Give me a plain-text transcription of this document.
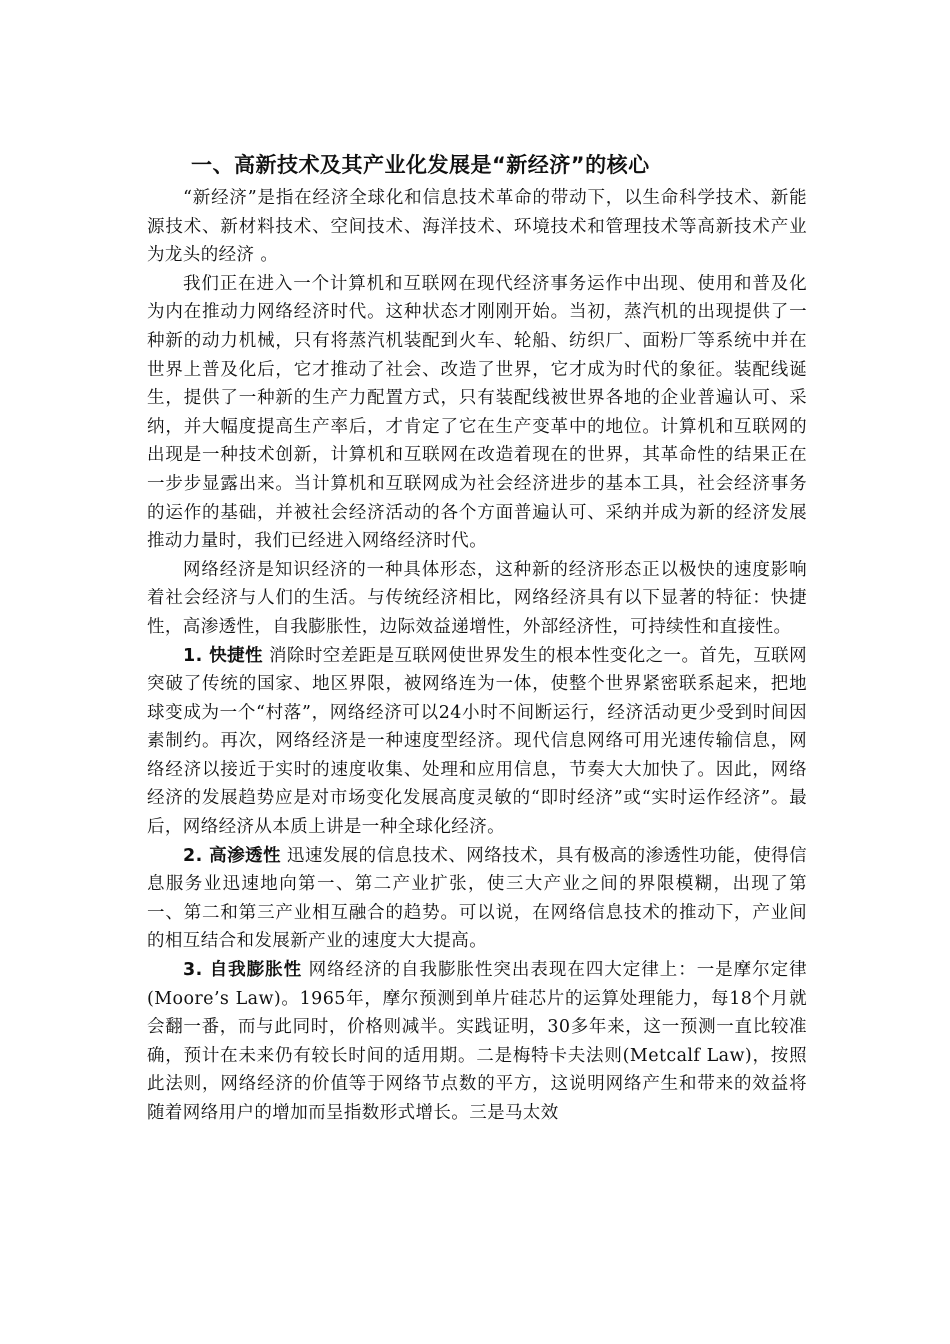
一、高新技术及其产业化发展是“新经济”的核心

“新经济”是指在经济全球化和信息技术革命的带动下，以生命科学技术、新能源技术、新材料技术、空间技术、海洋技术、环境技术和管理技术等高新技术产业为龙头的经济 。

我们正在进入一个计算机和互联网在现代经济事务运作中出现、使用和普及化为内在推动力网络经济时代。这种状态才刚刚开始。当初，蒸汽机的出现提供了一种新的动力机械，只有将蒸汽机装配到火车、轮船、纺织厂、面粉厂等系统中并在世界上普及化后，它才推动了社会、改造了世界，它才成为时代的象征。装配线诞生，提供了一种新的生产力配置方式，只有装配线被世界各地的企业普遍认可、采纳，并大幅度提高生产率后，才肯定了它在生产变革中的地位。计算机和互联网的出现是一种技术创新，计算机和互联网在改造着现在的世界，其革命性的结果正在一步步显露出来。当计算机和互联网成为社会经济进步的基本工具，社会经济事务的运作的基础，并被社会经济活动的各个方面普遍认可、采纳并成为新的经济发展推动力量时，我们已经进入网络经济时代。

网络经济是知识经济的一种具体形态，这种新的经济形态正以极快的速度影响着社会经济与人们的生活。与传统经济相比，网络经济具有以下显著的特征：快捷性，高渗透性，自我膨胀性，边际效益递增性，外部经济性，可持续性和直接性。

1. 快捷性 消除时空差距是互联网使世界发生的根本性变化之一。首先，互联网突破了传统的国家、地区界限，被网络连为一体，使整个世界紧密联系起来，把地球变成为一个“村落”，网络经济可以24小时不间断运行，经济活动更少受到时间因素制约。再次，网络经济是一种速度型经济。现代信息网络可用光速传输信息，网络经济以接近于实时的速度收集、处理和应用信息，节奏大大加快了。因此，网络经济的发展趋势应是对市场变化发展高度灵敏的“即时经济”或“实时运作经济”。最后，网络经济从本质上讲是一种全球化经济。

2. 高渗透性 迅速发展的信息技术、网络技术，具有极高的渗透性功能，使得信息服务业迅速地向第一、第二产业扩张，使三大产业之间的界限模糊，出现了第一、第二和第三产业相互融合的趋势。可以说，在网络信息技术的推动下，产业间的相互结合和发展新产业的速度大大提高。

3. 自我膨胀性 网络经济的自我膨胀性突出表现在四大定律上：一是摩尔定律(Moore’s Law)。1965年，摩尔预测到单片硅芯片的运算处理能力，每18个月就会翻一番，而与此同时，价格则减半。实践证明，30多年来，这一预测一直比较准确，预计在未来仍有较长时间的适用期。二是梅特卡夫法则(Metcalf Law)，按照此法则，网络经济的价值等于网络节点数的平方，这说明网络产生和带来的效益将随着网络用户的增加而呈指数形式增长。三是马太效
